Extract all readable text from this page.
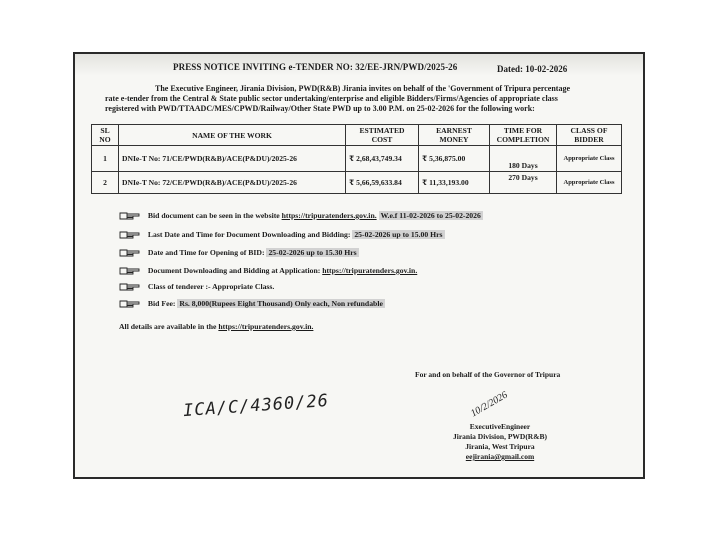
PRESS NOTICE INVITING e-TENDER NO: 32/EE-JRN/PWD/2025-26	Dated: 10-02-2026
The Executive Engineer, Jirania Division, PWD(R&B) Jirania invites on behalf of the 'Government of Tripura percentage
rate e-tender from the Central & State public sector undertaking/enterprise and eligible Bidders/Firms/Agencies of appropriate class
registered with PWD/TTAADC/MES/CPWD/Railway/Other State PWD up to 3.00 P.M. on 25-02-2026 for the following work:
SL NO	NAME OF THE WORK	ESTIMATED COST	EARNEST MONEY	TIME FOR COMPLETION	CLASS OF BIDDER
1	DNIe-T No: 71/CE/PWD(R&B)/ACE(P&DU)/2025-26	₹ 2,68,43,749.34	₹ 5,36,875.00	180 Days	Appropriate Class
2	DNIe-T No: 72/CE/PWD(R&B)/ACE(P&DU)/2025-26	₹ 5,66,59,633.84	₹ 11,33,193.00	270 Days	Appropriate Class
Bid document can be seen in the website https://tripuratenders.gov.in. W.e.f 11-02-2026 to 25-02-2026
Last Date and Time for Document Downloading and Bidding: 25-02-2026 up to 15.00 Hrs
Date and Time for Opening of BID: 25-02-2026 up to 15.30 Hrs
Document Downloading and Bidding at Application: https://tripuratenders.gov.in.
Class of tenderer :- Appropriate Class.
Bid Fee: Rs. 8,000(Rupees Eight Thousand) Only each, Non refundable
All details are available in the https://tripuratenders.gov.in.
For and on behalf of the Governor of Tripura
ICA/C/4360/26	10/2/2026
ExecutiveEngineer
Jirania Division, PWD(R&B)
Jirania, West Tripura
eejirania@gmail.com
